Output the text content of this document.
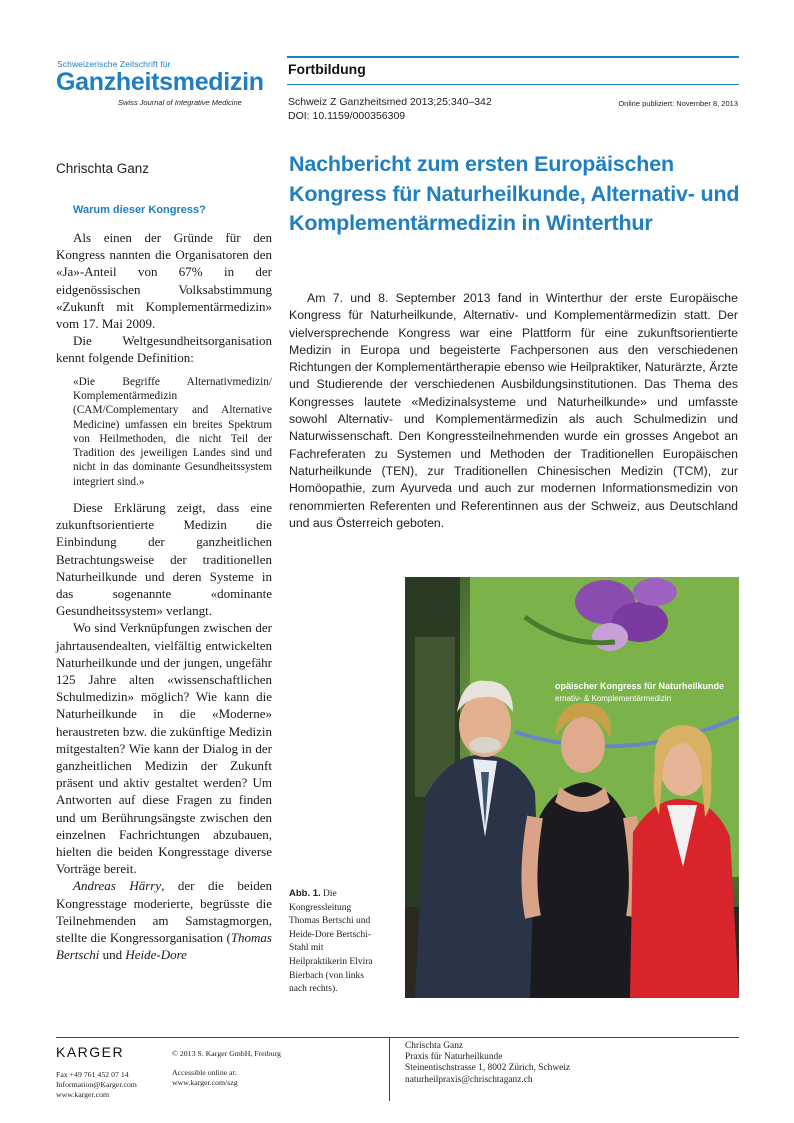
Schweizerische Zeitschrift für
Ganzheitsmedizin
Swiss Journal of Integrative Medicine
Fortbildung
Schweiz Z Ganzheitsmed 2013;25:340–342
DOI: 10.1159/000356309
Online publiziert: November 8, 2013
Chrischta Ganz	Nachbericht zum ersten Europäischen Kongress für Naturheilkunde, Alternativ- und Komplementärmedizin in Winterthur

Am 7. und 8. September 2013 fand in Winterthur der erste Europäische Kongress für Naturheilkunde, Alternativ- und Komplementärmedizin statt. Der vielversprechende Kongress war eine Plattform für eine zukunftsorientierte Medizin in Europa und begeisterte Fachpersonen aus den verschiedenen Richtungen der Komplementärtherapie ebenso wie Heilpraktiker, Naturärzte, Ärzte und Studierende der verschiedenen Ausbildungsinstitutionen. Das Thema des Kongresses lautete «Medizinalsysteme und Naturheilkunde» und umfasste sowohl Alternativ- und Komplementärmedizin als auch Schulmedizin und Naturwissenschaft. Den Kongressteilnehmenden wurde ein grosses Angebot an Fachreferaten zu Systemen und Methoden der Traditionellen Europäischen Naturheilkunde (TEN), zur Traditionellen Chinesischen Medizin (TCM), zur Homöopathie, zum Ayurveda und auch zur modernen Informationsmedizin von renommierten Referenten und Referentinnen aus der Schweiz, aus Deutschland und aus Österreich geboten.

Warum dieser Kongress?

Als einen der Gründe für den Kongress nannten die Organisatoren den «Ja»-Anteil von 67% in der eidgenössischen Volksabstimmung «Zukunft mit Komplementärmedizin» vom 17. Mai 2009.

Die Weltgesundheitsorganisation kennt folgende Definition:

«Die Begriffe Alternativmedizin/ Komplementärmedizin (CAM/Complementary and Alternative Medicine) umfassen ein breites Spektrum von Heilmethoden, die nicht Teil der Tradition des jeweiligen Landes sind und nicht in das dominante Gesundheitssystem integriert sind.»

Diese Erklärung zeigt, dass eine zukunftsorientierte Medizin die Einbindung der ganzheitlichen Betrachtungsweise der traditionellen Naturheilkunde und deren Systeme in das sogenannte «dominante Gesundheitssystem» verlangt.

Wo sind Verknüpfungen zwischen der jahrtausendealten, vielfältig entwickelten Naturheilkunde und der jungen, ungefähr 125 Jahre alten «wissenschaftlichen Schulmedizin» möglich? Wie kann die Naturheilkunde in die «Moderne» heraustreten bzw. die zukünftige Medizin mitgestalten? Wie kann der Dialog in der ganzheitlichen Medizin der Zukunft präsent und aktiv gestaltet werden? Um Antworten auf diese Fragen zu finden und um Berührungsängste zwischen den einzelnen Fachrichtungen abzubauen, hielten die beiden Kongresstage diverse Vorträge bereit.

Andreas Härry, der die beiden Kongresstage moderierte, begrüsste die Teilnehmenden am Samstagmorgen, stellte die Kongressorganisation (Thomas Bertschi und Heide-Dore

opäischer Kongress für Naturheilkunde
ernativ- & Komplementärmedizin
Abb. 1. Die Kongressleitung Thomas Bertschi und Heide-Dore Bertschi-Stahl mit Heilpraktikerin Elvira Bierbach (von links nach rechts).
KARGER
Fax +49 761 452 07 14
Information@Karger.com
www.karger.com
© 2013 S. Karger GmbH, Freiburg
Accessible online at:
www.karger.com/szg
Chrischta Ganz
Praxis für Naturheilkunde
Steinentischstrasse 1, 8002 Zürich, Schweiz
naturheilpraxis@chrischtaganz.ch
